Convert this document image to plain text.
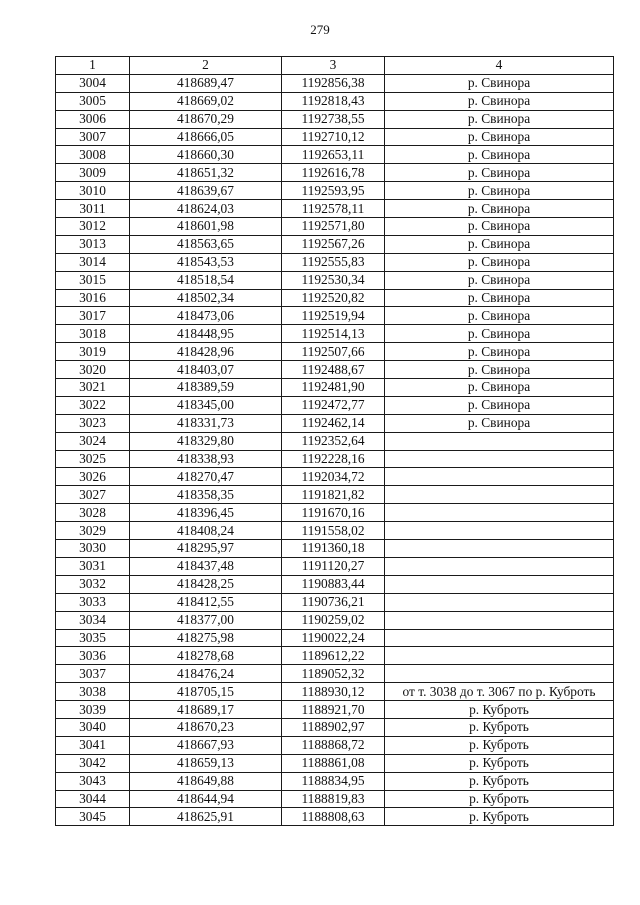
279
1	2	3	4
3004	418689,47	1192856,38	р. Свинора
3005	418669,02	1192818,43	р. Свинора
3006	418670,29	1192738,55	р. Свинора
3007	418666,05	1192710,12	р. Свинора
3008	418660,30	1192653,11	р. Свинора
3009	418651,32	1192616,78	р. Свинора
3010	418639,67	1192593,95	р. Свинора
3011	418624,03	1192578,11	р. Свинора
3012	418601,98	1192571,80	р. Свинора
3013	418563,65	1192567,26	р. Свинора
3014	418543,53	1192555,83	р. Свинора
3015	418518,54	1192530,34	р. Свинора
3016	418502,34	1192520,82	р. Свинора
3017	418473,06	1192519,94	р. Свинора
3018	418448,95	1192514,13	р. Свинора
3019	418428,96	1192507,66	р. Свинора
3020	418403,07	1192488,67	р. Свинора
3021	418389,59	1192481,90	р. Свинора
3022	418345,00	1192472,77	р. Свинора
3023	418331,73	1192462,14	р. Свинора
3024	418329,80	1192352,64	
3025	418338,93	1192228,16	
3026	418270,47	1192034,72	
3027	418358,35	1191821,82	
3028	418396,45	1191670,16	
3029	418408,24	1191558,02	
3030	418295,97	1191360,18	
3031	418437,48	1191120,27	
3032	418428,25	1190883,44	
3033	418412,55	1190736,21	
3034	418377,00	1190259,02	
3035	418275,98	1190022,24	
3036	418278,68	1189612,22	
3037	418476,24	1189052,32	
3038	418705,15	1188930,12	от т. 3038 до т. 3067 по р. Куброть
3039	418689,17	1188921,70	р. Куброть
3040	418670,23	1188902,97	р. Куброть
3041	418667,93	1188868,72	р. Куброть
3042	418659,13	1188861,08	р. Куброть
3043	418649,88	1188834,95	р. Куброть
3044	418644,94	1188819,83	р. Куброть
3045	418625,91	1188808,63	р. Куброть
